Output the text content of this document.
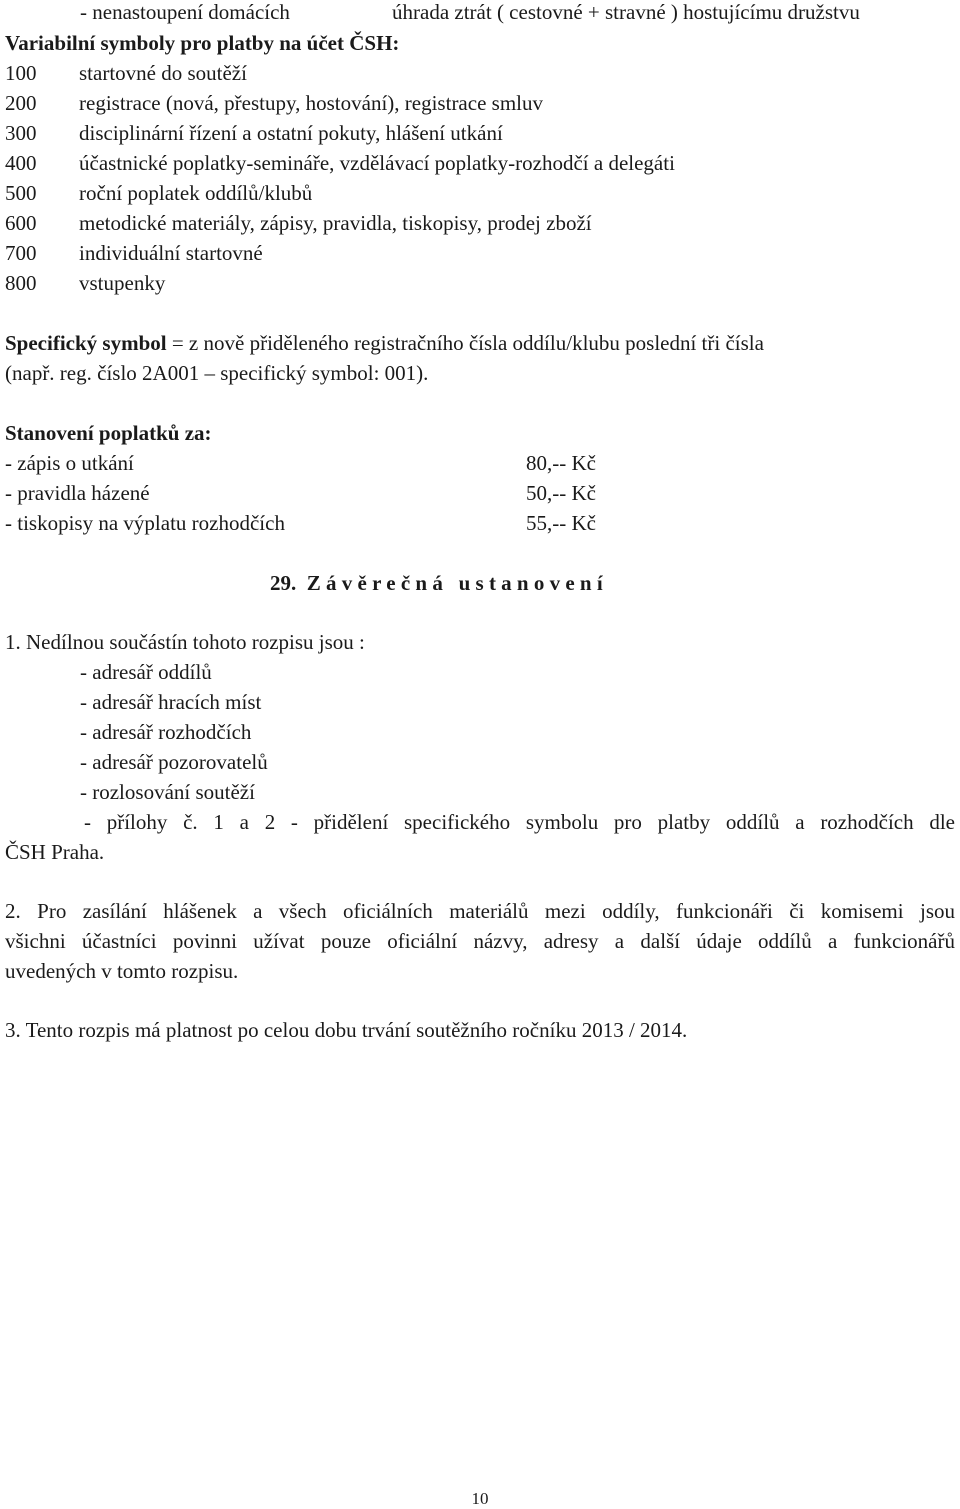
- nenastoupení domácích	úhrada ztrát ( cestovné + stravné ) hostujícímu družstvu
Variabilní symboly pro platby na účet ČSH:
100 startovné do soutěží
200 registrace (nová, přestupy, hostování), registrace smluv
300 disciplinární řízení a ostatní pokuty, hlášení utkání
400 účastnické poplatky-semináře, vzdělávací poplatky-rozhodčí a delegáti
500 roční poplatek oddílů/klubů
600 metodické materiály, zápisy, pravidla, tiskopisy, prodej zboží
700 individuální startovné
800 vstupenky
Specifický symbol = z nově přiděleného registračního čísla oddílu/klubu poslední tři čísla
(např. reg. číslo 2A001 – specifický symbol: 001).
Stanovení poplatků za:
- zápis o utkání	80,-- Kč
- pravidla házené	50,-- Kč
- tiskopisy na výplatu rozhodčích	55,-- Kč
29. Z á v ě r e č n á   u s t a n o v e n í
1. Nedílnou součástín tohoto rozpisu jsou :
- adresář oddílů
- adresář hracích míst
- adresář rozhodčích
- adresář pozorovatelů
- rozlosování soutěží
- přílohy č. 1 a 2 - přidělení specifického symbolu pro platby oddílů a rozhodčích dle
ČSH Praha.
2. Pro zasílání hlášenek a všech oficiálních materiálů mezi oddíly, funkcionáři či komisemi jsou
všichni účastníci povinni užívat pouze oficiální názvy, adresy a další údaje oddílů a funkcionářů
uvedených v tomto rozpisu.
3. Tento rozpis má platnost po celou dobu trvání soutěžního ročníku 2013 / 2014.
10
